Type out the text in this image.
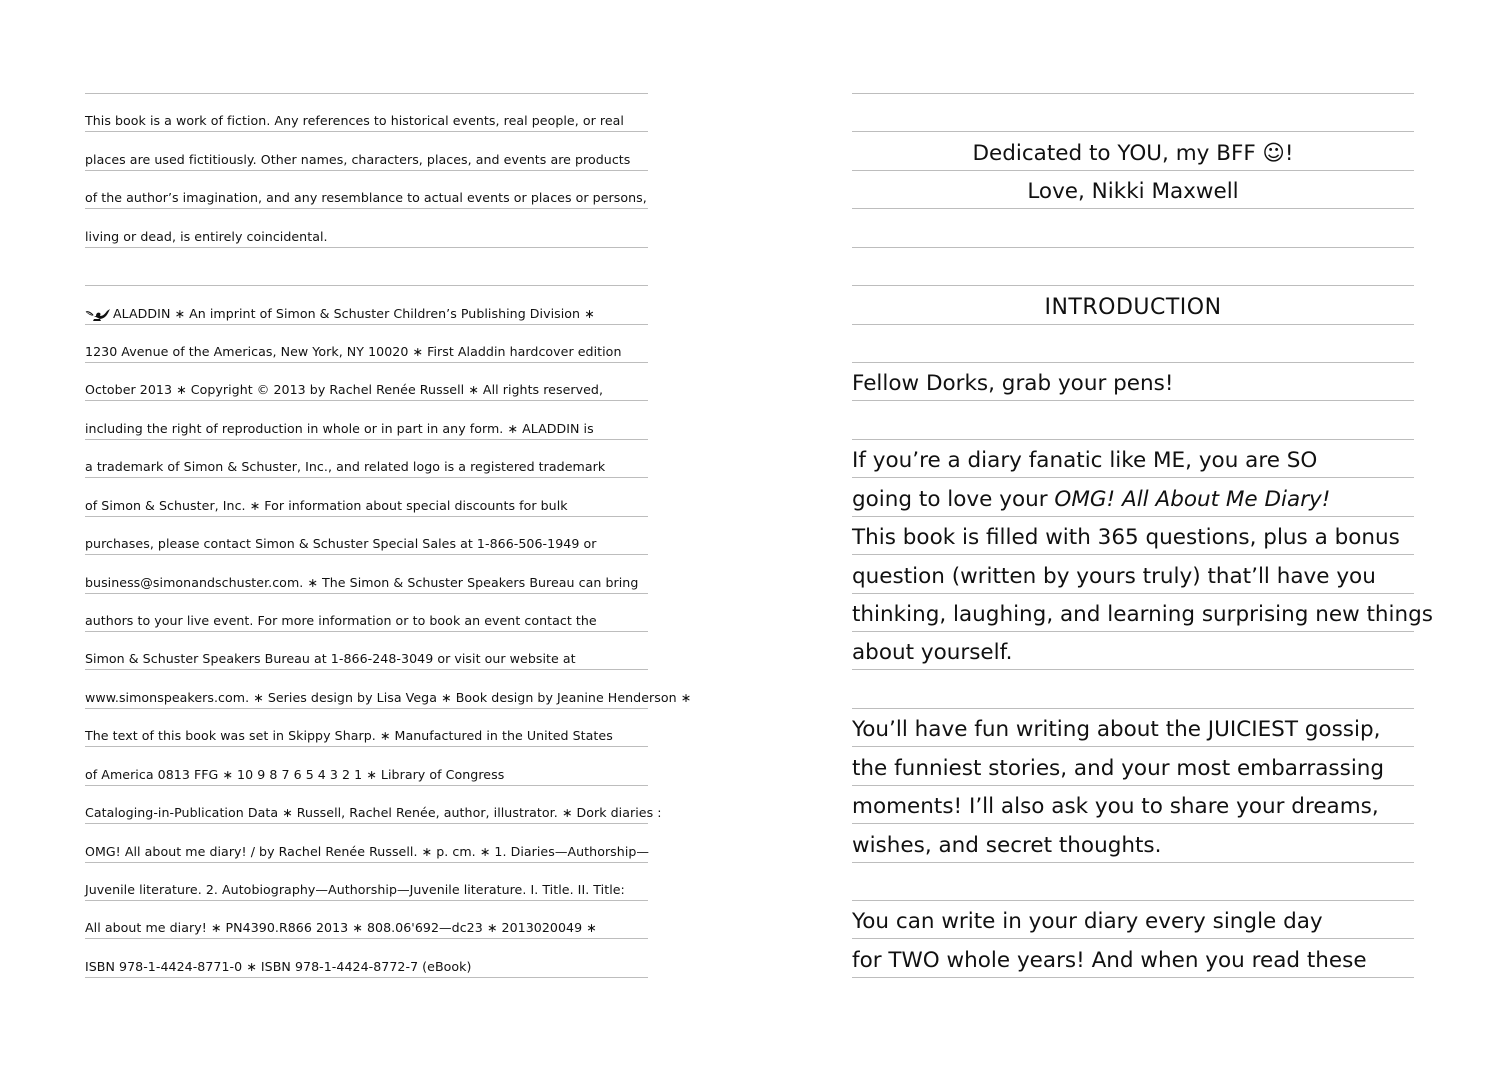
This book is a work of fiction. Any references to historical events, real people, or real
places are used fictitiously. Other names, characters, places, and events are products
of the author’s imagination, and any resemblance to actual events or places or persons,
living or dead, is entirely coincidental.
ALADDIN ∗ An imprint of Simon & Schuster Children’s Publishing Division ∗
1230 Avenue of the Americas, New York, NY 10020 ∗ First Aladdin hardcover edition
October 2013 ∗ Copyright © 2013 by Rachel Renée Russell ∗ All rights reserved,
including the right of reproduction in whole or in part in any form. ∗ ALADDIN is
a trademark of Simon & Schuster, Inc., and related logo is a registered trademark
of Simon & Schuster, Inc. ∗ For information about special discounts for bulk
purchases, please contact Simon & Schuster Special Sales at 1-866-506-1949 or
business@simonandschuster.com. ∗ The Simon & Schuster Speakers Bureau can bring
authors to your live event. For more information or to book an event contact the
Simon & Schuster Speakers Bureau at 1-866-248-3049 or visit our website at
www.simonspeakers.com. ∗ Series design by Lisa Vega ∗ Book design by Jeanine Henderson ∗
The text of this book was set in Skippy Sharp. ∗ Manufactured in the United States
of America 0813 FFG ∗ 10 9 8 7 6 5 4 3 2 1 ∗ Library of Congress
Cataloging-in-Publication Data ∗ Russell, Rachel Renée, author, illustrator. ∗ Dork diaries :
OMG! All about me diary! / by Rachel Renée Russell. ∗ p. cm. ∗ 1. Diaries—Authorship—
Juvenile literature. 2. Autobiography—Authorship—Juvenile literature. I. Title. II. Title:
All about me diary! ∗ PN4390.R866 2013 ∗ 808.06'692—dc23 ∗ 2013020049 ∗
ISBN 978-1-4424-8771-0 ∗ ISBN 978-1-4424-8772-7 (eBook)
Dedicated to YOU, my BFF ☺!
Love, Nikki Maxwell
INTRODUCTION
Fellow Dorks, grab your pens!
If you’re a diary fanatic like ME, you are SO
going to love your OMG! All About Me Diary!
This book is filled with 365 questions, plus a bonus
question (written by yours truly) that’ll have you
thinking, laughing, and learning surprising new things
about yourself.
You’ll have fun writing about the JUICIEST gossip,
the funniest stories, and your most embarrassing
moments! I’ll also ask you to share your dreams,
wishes, and secret thoughts.
You can write in your diary every single day
for TWO whole years! And when you read these
